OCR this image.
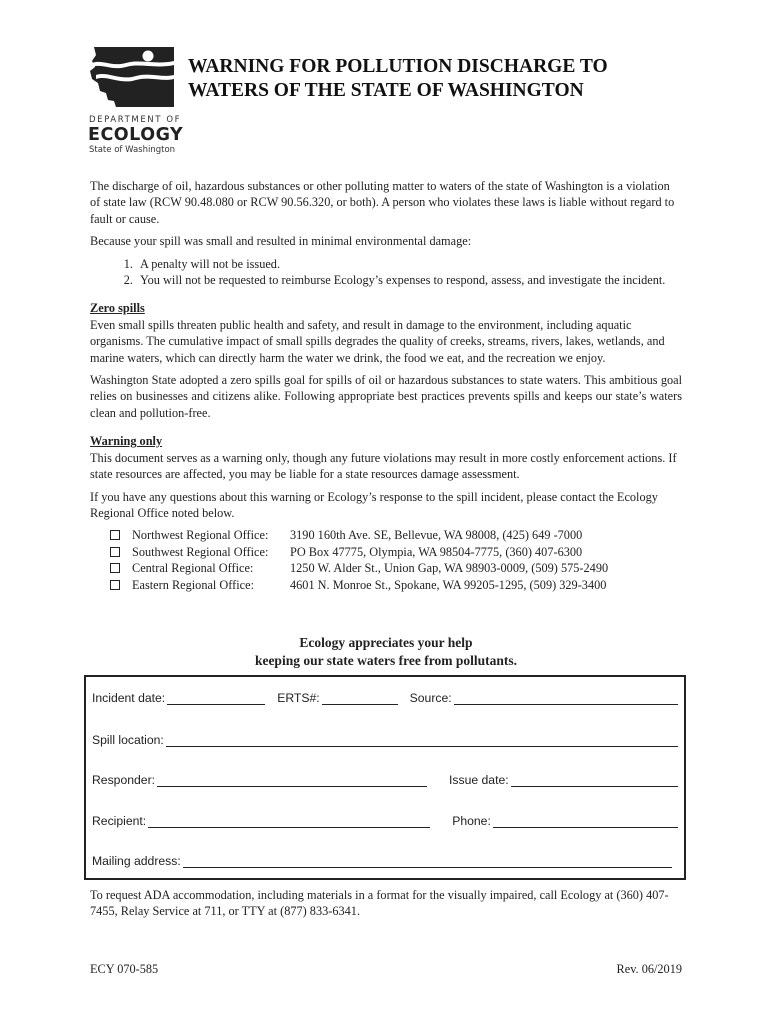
DEPARTMENT OF
ECOLOGY
State of Washington
WARNING FOR POLLUTION DISCHARGE TO
WATERS OF THE STATE OF WASHINGTON

The discharge of oil, hazardous substances or other polluting matter to waters of the state of Washington is a violation of state law (RCW 90.48.080 or RCW 90.56.320, or both). A person who violates these laws is liable without regard to fault or cause.

Because your spill was small and resulted in minimal environmental damage:

1. A penalty will not be issued.
2. You will not be requested to reimburse Ecology’s expenses to respond, assess, and investigate the incident.
Zero spills

Even small spills threaten public health and safety, and result in damage to the environment, including aquatic organisms. The cumulative impact of small spills degrades the quality of creeks, streams, rivers, lakes, wetlands, and marine waters, which can directly harm the water we drink, the food we eat, and the recreation we enjoy.

Washington State adopted a zero spills goal for spills of oil or hazardous substances to state waters. This ambitious goal relies on businesses and citizens alike. Following appropriate best practices prevents spills and keeps our state’s waters clean and pollution-free.

Warning only

This document serves as a warning only, though any future violations may result in more costly enforcement actions. If state resources are affected, you may be liable for a state resources damage assessment.

If you have any questions about this warning or Ecology’s response to the spill incident, please contact the Ecology Regional Office noted below.

Northwest Regional Office:	3190 160th Ave. SE, Bellevue, WA 98008, (425) 649 -7000
Southwest Regional Office:	PO Box 47775, Olympia, WA 98504-7775, (360) 407-6300
Central Regional Office:	1250 W. Alder St., Union Gap, WA 98903-0009, (509) 575-2490
Eastern Regional Office:	4601 N. Monroe St., Spokane, WA 99205-1295, (509) 329-3400
Ecology appreciates your help
keeping our state waters free from pollutants.
Incident date:	ERTS#:	Source:
Spill location:
Responder:	Issue date:
Recipient:	Phone:
Mailing address:
To request ADA accommodation, including materials in a format for the visually impaired, call Ecology at (360) 407-7455, Relay Service at 711, or TTY at (877) 833-6341.
ECY 070-585	Rev. 06/2019
